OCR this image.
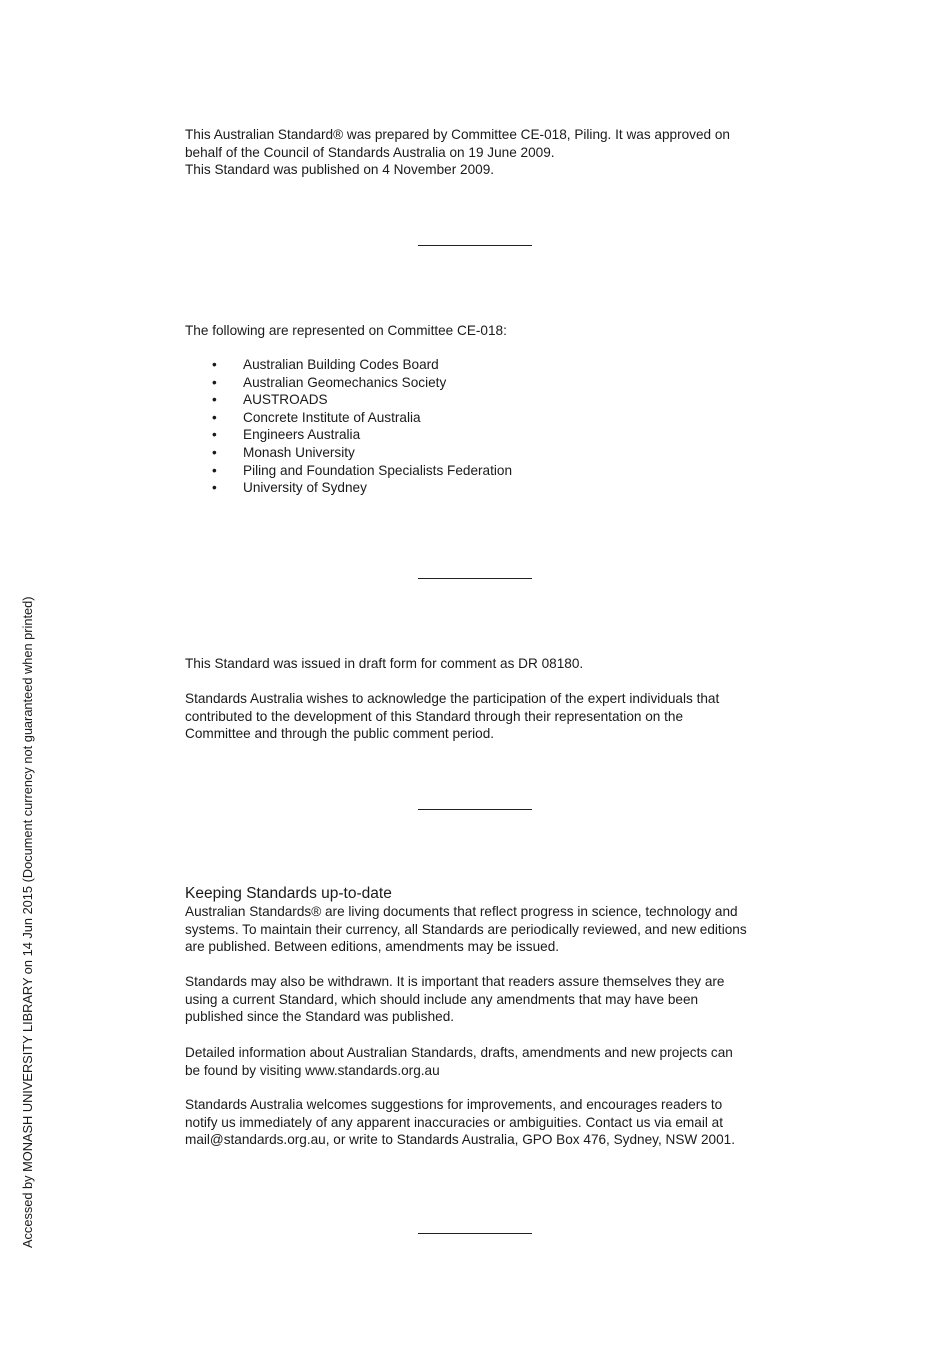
This Australian Standard® was prepared by Committee CE-018, Piling. It was approved on
behalf of the Council of Standards Australia on 19 June 2009.
This Standard was published on 4 November 2009.

The following are represented on Committee CE-018:

• Australian Building Codes Board
• Australian Geomechanics Society
• AUSTROADS
• Concrete Institute of Australia
• Engineers Australia
• Monash University
• Piling and Foundation Specialists Federation
• University of Sydney

This Standard was issued in draft form for comment as DR 08180.

Standards Australia wishes to acknowledge the participation of the expert individuals that
contributed to the development of this Standard through their representation on the
Committee and through the public comment period.

Keeping Standards up-to-date

Australian Standards® are living documents that reflect progress in science, technology and
systems. To maintain their currency, all Standards are periodically reviewed, and new editions
are published. Between editions, amendments may be issued.

Standards may also be withdrawn. It is important that readers assure themselves they are
using a current Standard, which should include any amendments that may have been
published since the Standard was published.

Detailed information about Australian Standards, drafts, amendments and new projects can
be found by visiting www.standards.org.au

Standards Australia welcomes suggestions for improvements, and encourages readers to
notify us immediately of any apparent inaccuracies or ambiguities. Contact us via email at
mail@standards.org.au, or write to Standards Australia, GPO Box 476, Sydney, NSW 2001.

Accessed by MONASH UNIVERSITY LIBRARY on 14 Jun 2015 (Document currency not guaranteed when printed)
